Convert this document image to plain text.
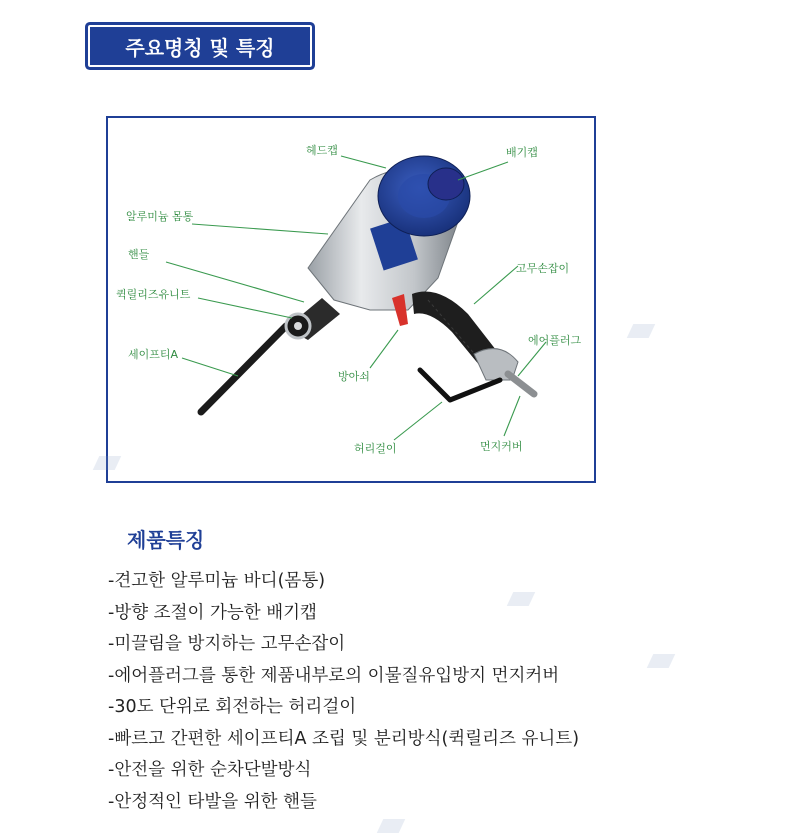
주요명칭 및 특징
헤드캡	배기캡
알루미늄 몸통
핸들
퀵릴리즈유니트
세이프티A
고무손잡이
에어플러그
방아쇠
허리걸이	먼지커버
제품특징
-견고한 알루미늄 바디(몸통)
-방향 조절이 가능한 배기캡
-미끌림을 방지하는 고무손잡이
-에어플러그를 통한 제품내부로의 이물질유입방지 먼지커버
-30도 단위로 회전하는 허리걸이
-빠르고 간편한 세이프티A 조립 및 분리방식(퀵릴리즈 유니트)
-안전을 위한 순차단발방식
-안정적인 타발을 위한 핸들
